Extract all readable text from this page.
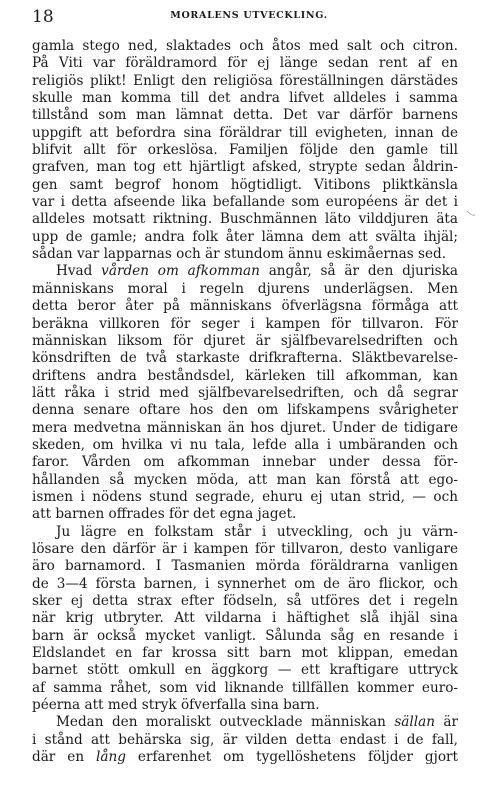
18	MORALENS UTVECKLING.
gamla stego ned, slaktades och åtos med salt och citron.
På Viti var föräldramord för ej länge sedan rent af en
religiös plikt! Enligt den religiösa föreställningen därstädes
skulle man komma till det andra lifvet alldeles i samma
tillstånd som man lämnat detta. Det var därför barnens
uppgift att befordra sina föräldrar till evigheten, innan de
blifvit allt för orkeslösa. Familjen följde den gamle till
grafven, man tog ett hjärtligt afsked, strypte sedan åldrin-
gen samt begrof honom högtidligt. Vitibons pliktkänsla
var i detta afseende lika befallande som européens är det i
alldeles motsatt riktning. Buschmännen läto vilddjuren äta
upp de gamle; andra folk åter lämna dem att svälta ihjäl;
sådan var lapparnas och är stundom ännu eskimåernas sed.
Hvad vården om afkomman angår, så är den djuriska
människans moral i regeln djurens underlägsen. Men
detta beror åter på människans öfverlägsna förmåga att
beräkna villkoren för seger i kampen för tillvaron. För
människan liksom för djuret är själfbevarelsedriften och
könsdriften de två starkaste drifkrafterna. Släktbevarelse-
driftens andra beståndsdel, kärleken till afkomman, kan
lätt råka i strid med själfbevarelsedriften, och då segrar
denna senare oftare hos den om lifskampens svårigheter
mera medvetna människan än hos djuret. Under de tidigare
skeden, om hvilka vi nu tala, lefde alla i umbäranden och
faror. Vården om afkomman innebar under dessa för-
hållanden så mycken möda, att man kan förstå att ego-
ismen i nödens stund segrade, ehuru ej utan strid, — och
att barnen offrades för det egna jaget.
Ju lägre en folkstam står i utveckling, och ju värn-
lösare den därför är i kampen för tillvaron, desto vanligare
äro barnamord. I Tasmanien mörda föräldrarna vanligen
de 3—4 första barnen, i synnerhet om de äro flickor, och
sker ej detta strax efter födseln, så utföres det i regeln
när krig utbryter. Att vildarna i häftighet slå ihjäl sina
barn är också mycket vanligt. Sålunda såg en resande i
Eldslandet en far krossa sitt barn mot klippan, emedan
barnet stött omkull en äggkorg — ett kraftigare uttryck
af samma råhet, som vid liknande tillfällen kommer euro-
péerna att med stryk öfverfalla sina barn.
Medan den moraliskt outvecklade människan sällan är
i stånd att behärska sig, är vilden detta endast i de fall,
där en lång erfarenhet om tygellöshetens följder gjort
